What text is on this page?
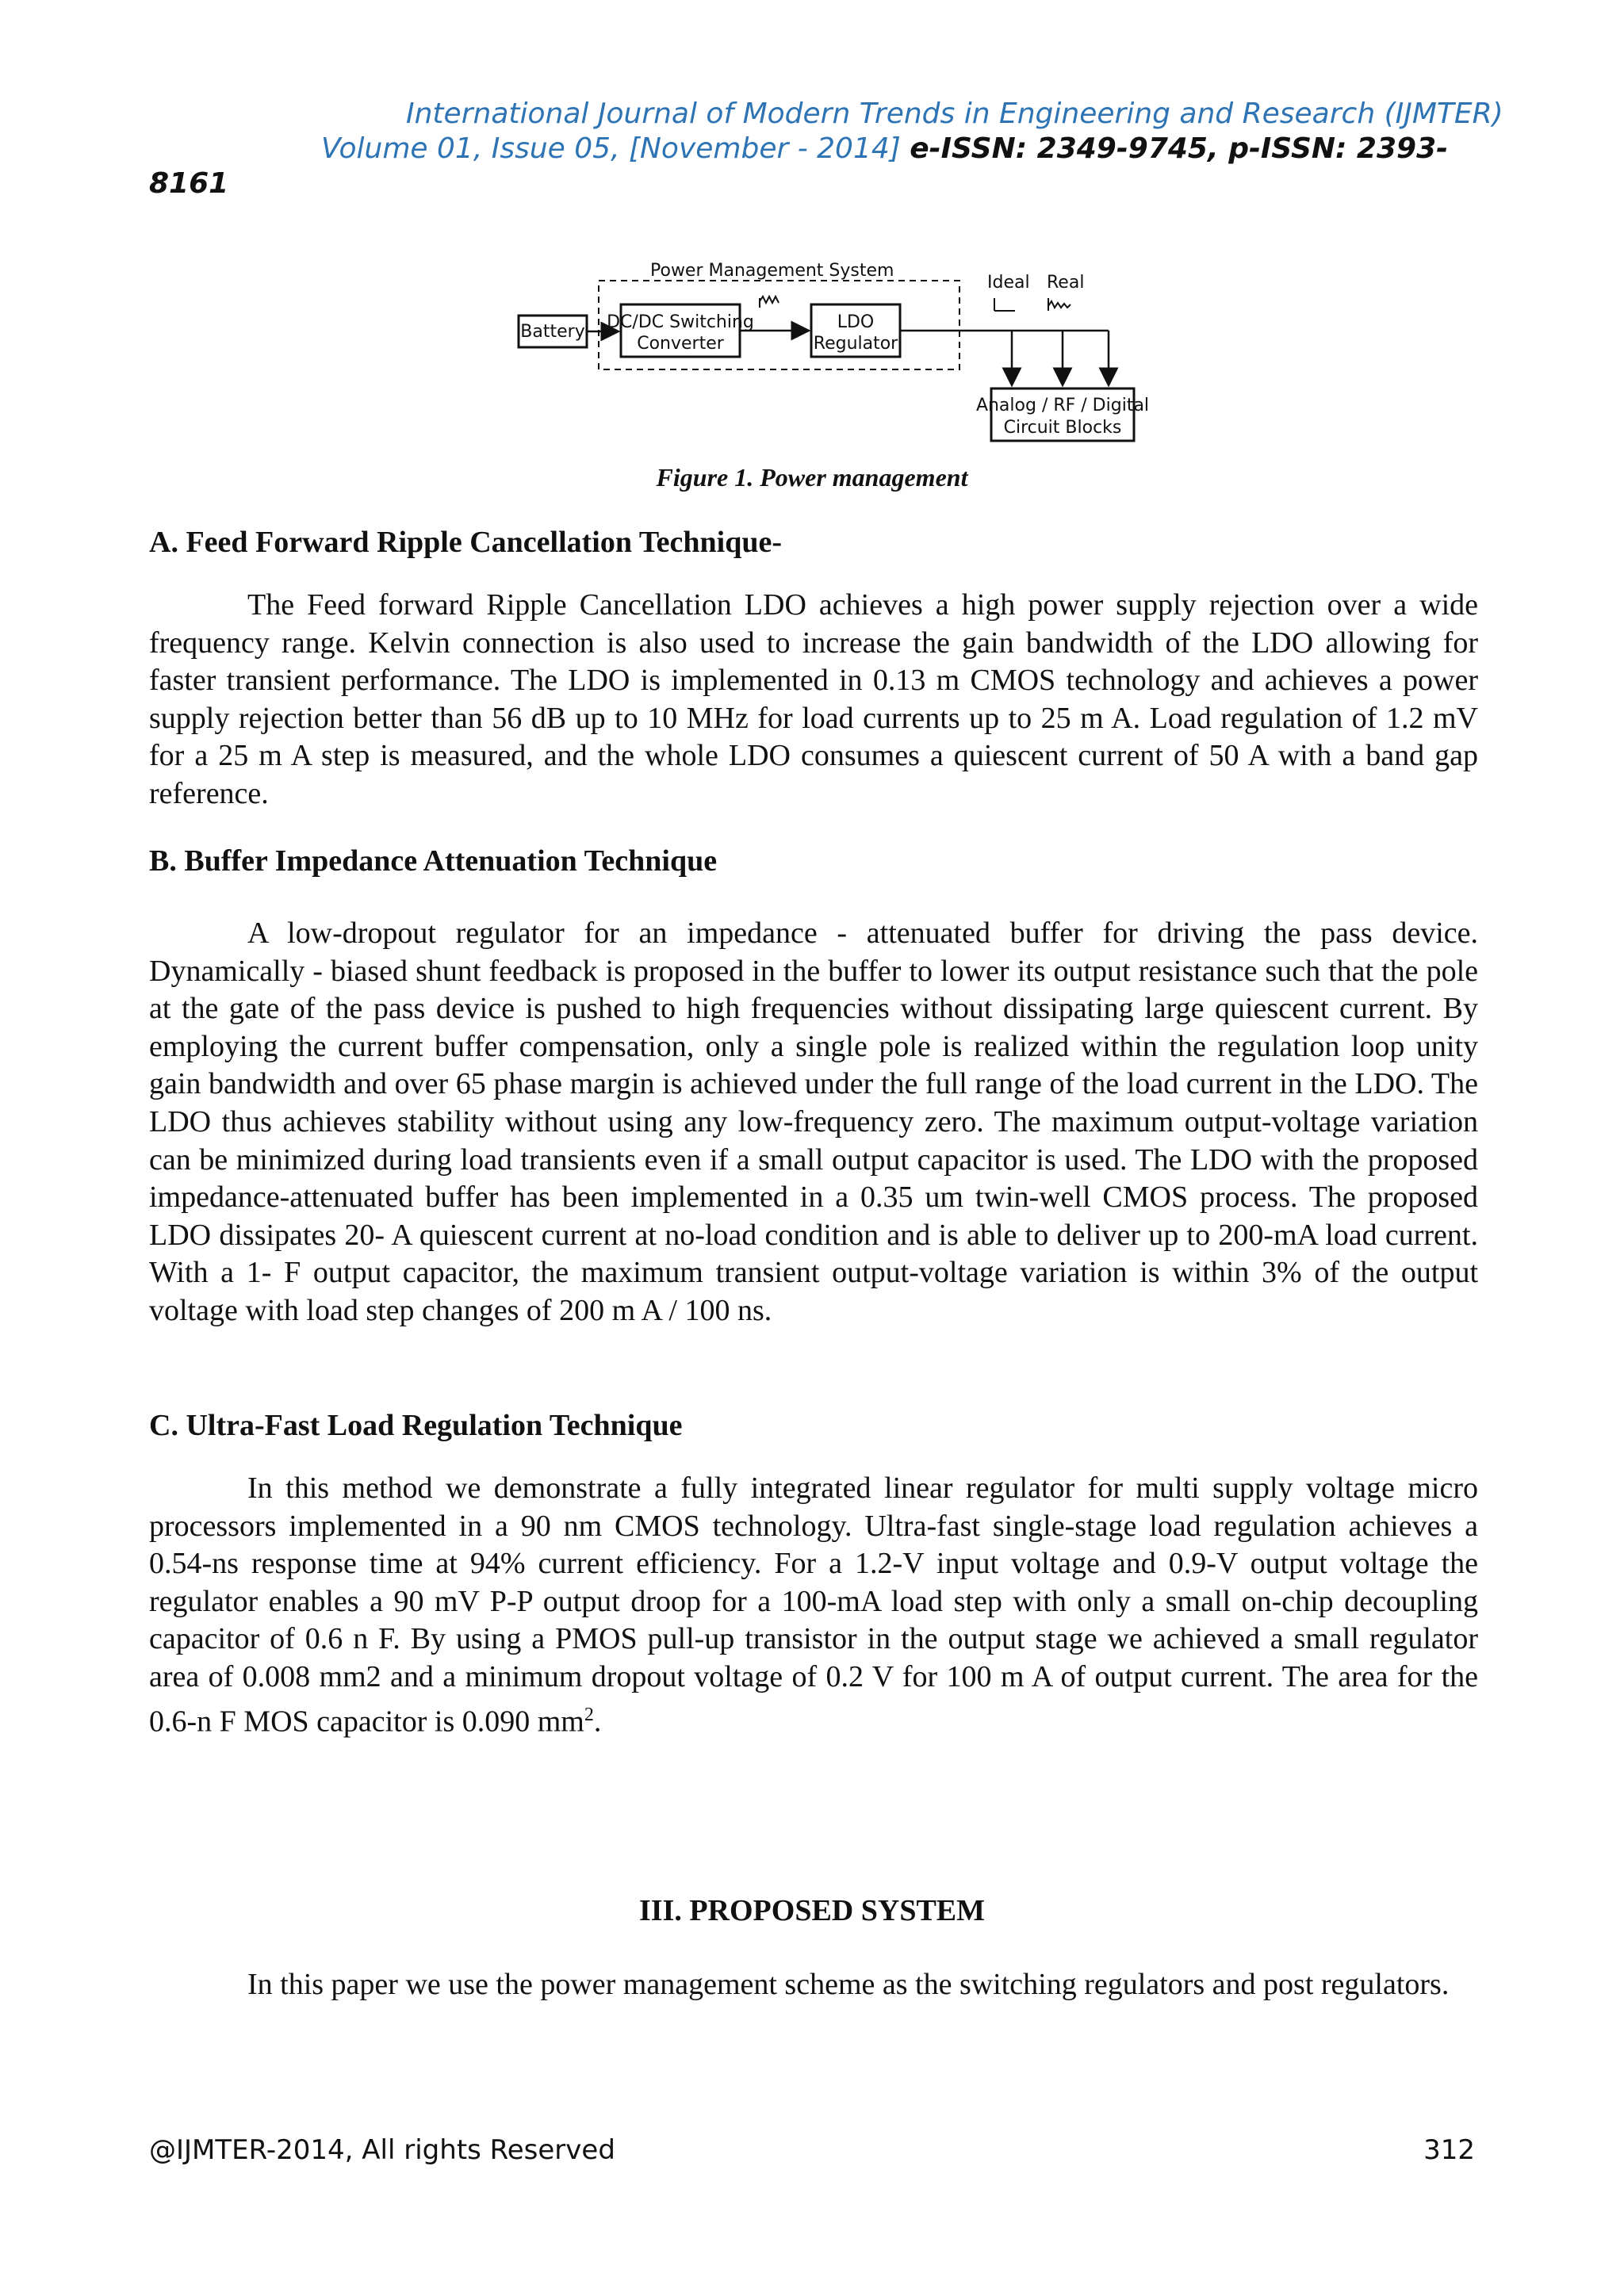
International Journal of Modern Trends in Engineering and Research (IJMTER)
Volume 01, Issue 05, [November - 2014] e-ISSN: 2349-9745, p-ISSN: 2393-
8161
Power Management System
Battery DC/DC Switching
Converter
LDO
Regulator
Ideal Real
Analog / RF / Digital
Circuit Blocks
Figure 1. Power management
A. Feed Forward Ripple Cancellation Technique-

The Feed forward Ripple Cancellation LDO achieves a high power supply rejection over a wide frequency range. Kelvin connection is also used to increase the gain bandwidth of the LDO allowing for faster transient performance. The LDO is implemented in 0.13 m CMOS technology and achieves a power supply rejection better than 56 dB up to 10 MHz for load currents up to 25 m A. Load regulation of 1.2 mV for a 25 m A step is measured, and the whole LDO consumes a quiescent current of 50 A with a band gap reference.

B. Buffer Impedance Attenuation Technique

A low-dropout regulator for an impedance - attenuated buffer for driving the pass device. Dynamically - biased shunt feedback is proposed in the buffer to lower its output resistance such that the pole at the gate of the pass device is pushed to high frequencies without dissipating large quiescent current. By employing the current buffer compensation, only a single pole is realized within the regulation loop unity gain bandwidth and over 65 phase margin is achieved under the full range of the load current in the LDO. The LDO thus achieves stability without using any low-frequency zero. The maximum output-voltage variation can be minimized during load transients even if a small output capacitor is used. The LDO with the proposed impedance-attenuated buffer has been implemented in a 0.35 um twin-well CMOS process. The proposed LDO dissipates 20- A quiescent current at no-load condition and is able to deliver up to 200-mA load current. With a 1- F output capacitor, the maximum transient output-voltage variation is within 3% of the output voltage with load step changes of 200 m A / 100 ns.

C. Ultra-Fast Load Regulation Technique

In this method we demonstrate a fully integrated linear regulator for multi supply voltage micro processors implemented in a 90 nm CMOS technology. Ultra-fast single-stage load regulation achieves a 0.54-ns response time at 94% current efficiency. For a 1.2-V input voltage and 0.9-V output voltage the regulator enables a 90 mV P-P output droop for a 100-mA load step with only a small on-chip decoupling capacitor of 0.6 n F. By using a PMOS pull-up transistor in the output stage we achieved a small regulator area of 0.008 mm2 and a minimum dropout voltage of 0.2 V for 100 m A of output current. The area for the 0.6-n F MOS capacitor is 0.090 $mm^2$.

III. PROPOSED SYSTEM

In this paper we use the power management scheme as the switching regulators and post regulators.

@IJMTER-2014, All rights Reserved	312
